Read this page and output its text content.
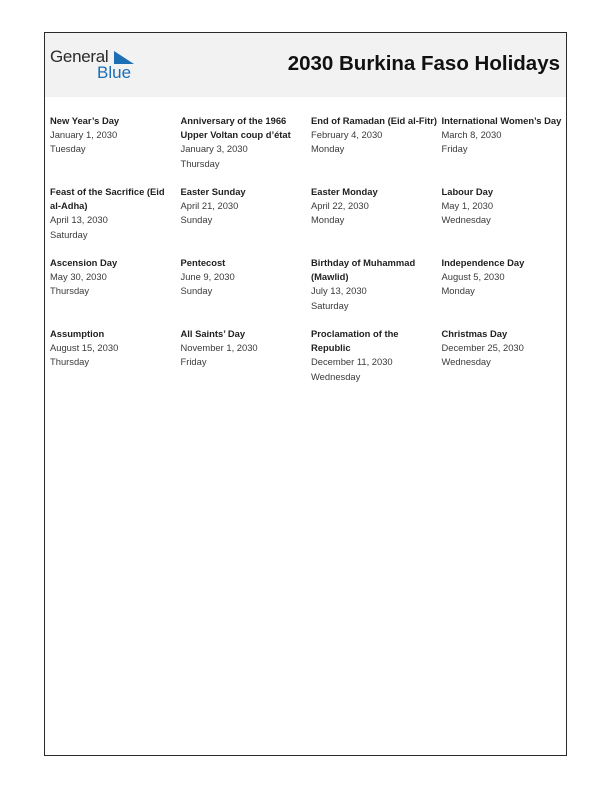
General
Blue	2030 Burkina Faso Holidays
New Year’s Day
January 1, 2030
Tuesday
Anniversary of the 1966 Upper Voltan coup d’état
January 3, 2030
Thursday
End of Ramadan (Eid al-Fitr)
February 4, 2030
Monday
International Women’s Day
March 8, 2030
Friday
Feast of the Sacrifice (Eid al-Adha)
April 13, 2030
Saturday
Easter Sunday
April 21, 2030
Sunday
Easter Monday
April 22, 2030
Monday
Labour Day
May 1, 2030
Wednesday
Ascension Day
May 30, 2030
Thursday
Pentecost
June 9, 2030
Sunday
Birthday of Muhammad (Mawlid)
July 13, 2030
Saturday
Independence Day
August 5, 2030
Monday
Assumption
August 15, 2030
Thursday
All Saints’ Day
November 1, 2030
Friday
Proclamation of the Republic
December 11, 2030
Wednesday
Christmas Day
December 25, 2030
Wednesday
